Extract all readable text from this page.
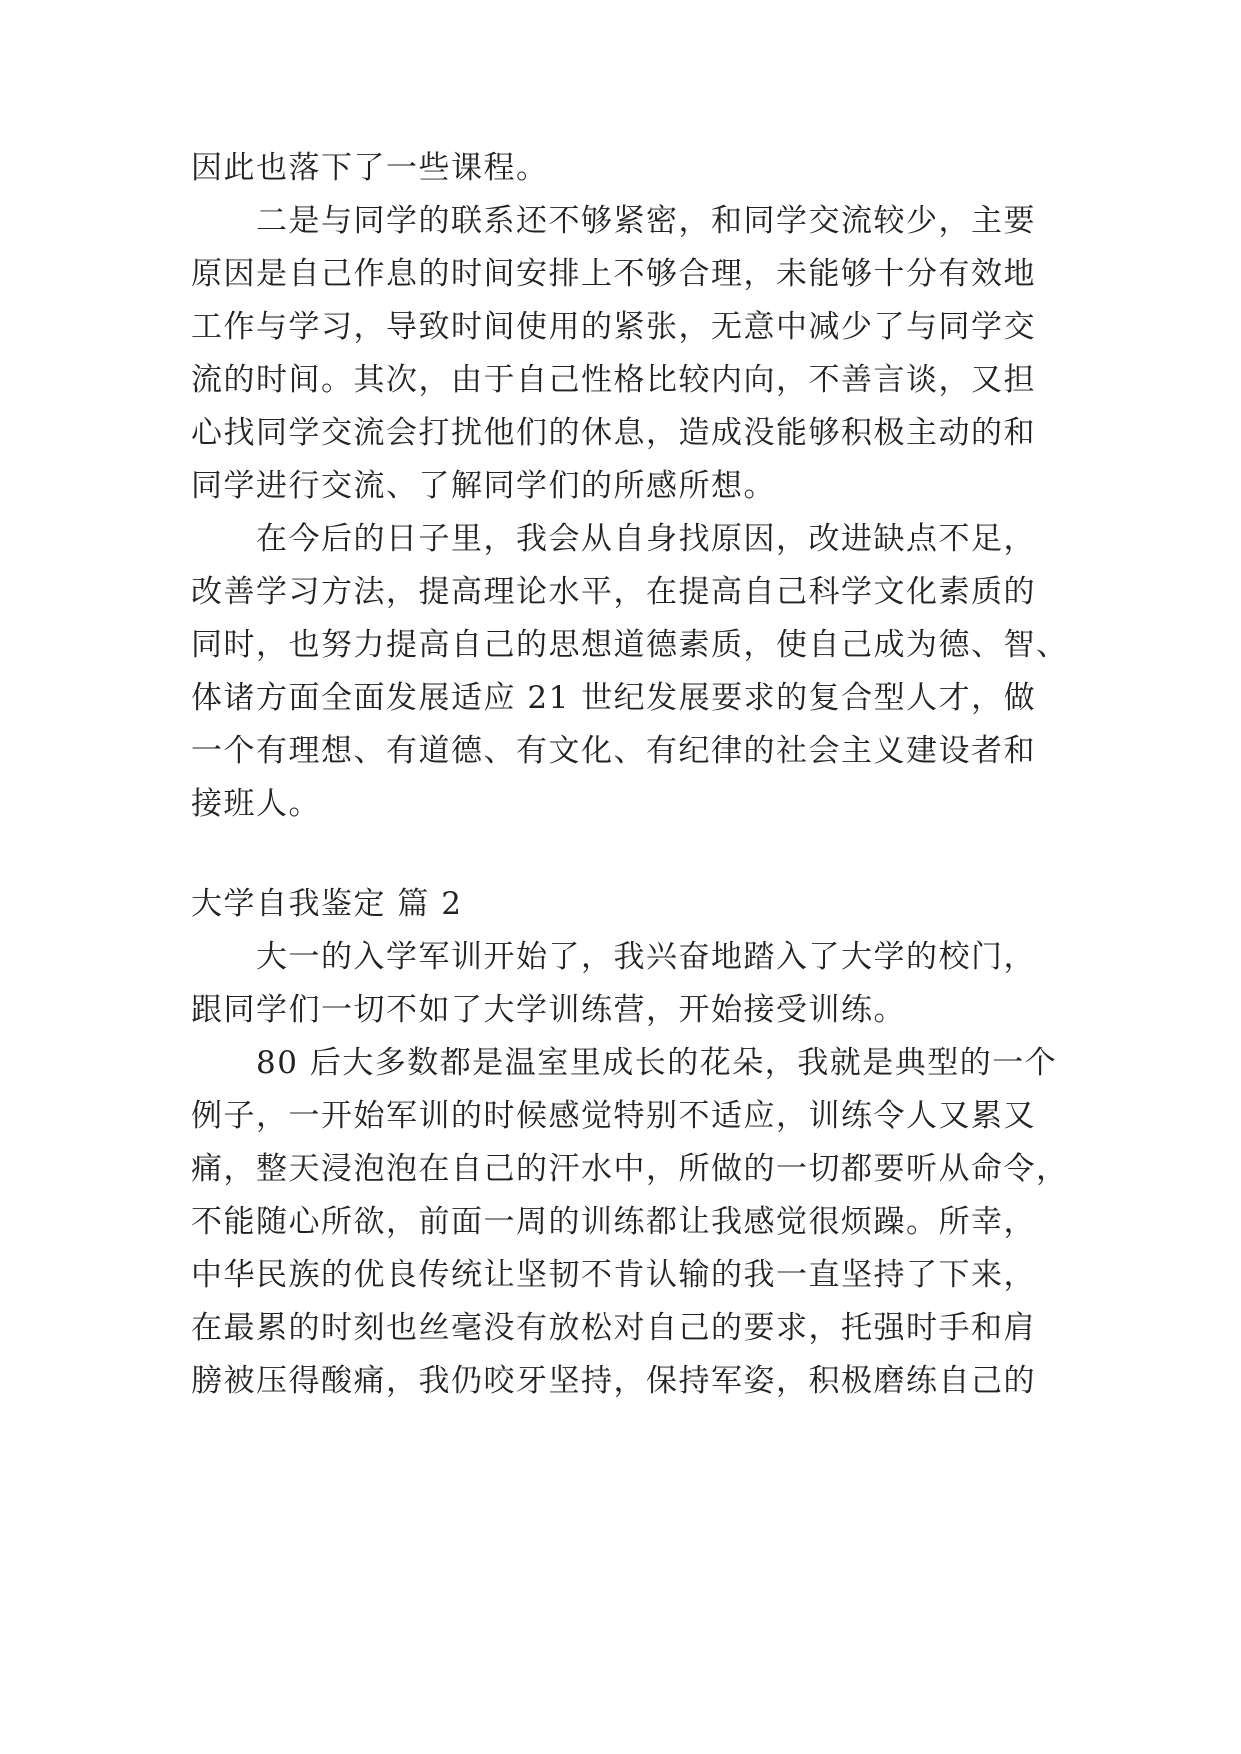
因此也落下了一些课程。
　　二是与同学的联系还不够紧密，和同学交流较少，主要
原因是自己作息的时间安排上不够合理，未能够十分有效地
工作与学习，导致时间使用的紧张，无意中减少了与同学交
流的时间。其次，由于自己性格比较内向，不善言谈，又担
心找同学交流会打扰他们的休息，造成没能够积极主动的和
同学进行交流、了解同学们的所感所想。
　　在今后的日子里，我会从自身找原因，改进缺点不足，
改善学习方法，提高理论水平，在提高自己科学文化素质的
同时，也努力提高自己的思想道德素质，使自己成为德、智、
体诸方面全面发展适应 21 世纪发展要求的复合型人才，做
一个有理想、有道德、有文化、有纪律的社会主义建设者和
接班人。
大学自我鉴定 篇 2
　　大一的入学军训开始了，我兴奋地踏入了大学的校门，
跟同学们一切不如了大学训练营，开始接受训练。
　　80 后大多数都是温室里成长的花朵，我就是典型的一个
例子，一开始军训的时候感觉特别不适应，训练令人又累又
痛，整天浸泡泡在自己的汗水中，所做的一切都要听从命令，
不能随心所欲，前面一周的训练都让我感觉很烦躁。所幸，
中华民族的优良传统让坚韧不肯认输的我一直坚持了下来，
在最累的时刻也丝毫没有放松对自己的要求，托强时手和肩
膀被压得酸痛，我仍咬牙坚持，保持军姿，积极磨练自己的
